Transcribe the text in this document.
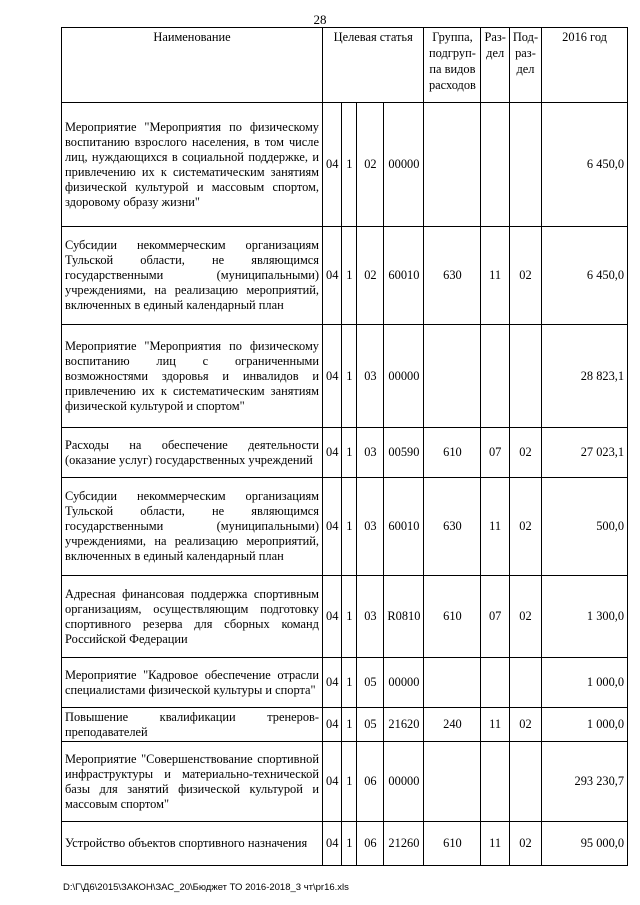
28
Наименование	Целевая статья				Группа, подгруп-па видов расходов	Раз-дел	Под-раз-дел	2016 год
Мероприятие "Мероприятия по физическому воспитанию взрослого населения, в том числе лиц, нуждающихся в социальной поддержке, и привлечению их к систематическим занятиям физической культурой и массовым спортом, здоровому образу жизни"	04	1	02	00000				6 450,0
Субсидии некоммерческим организациям Тульской области, не являющимся государственными (муниципальными) учреждениями, на реализацию мероприятий, включенных в единый календарный план	04	1	02	60010	630	11	02	6 450,0
Мероприятие "Мероприятия по физическому воспитанию лиц с ограниченными возможностями здоровья и инвалидов и привлечению их к систематическим занятиям физической культурой и спортом"	04	1	03	00000				28 823,1
Расходы на обеспечение деятельности (оказание услуг) государственных учреждений	04	1	03	00590	610	07	02	27 023,1
Субсидии некоммерческим организациям Тульской области, не являющимся государственными (муниципальными) учреждениями, на реализацию мероприятий, включенных в единый календарный план	04	1	03	60010	630	11	02	500,0
Адресная финансовая поддержка спортивным организациям, осуществляющим подготовку спортивного резерва для сборных команд Российской Федерации	04	1	03	R0810	610	07	02	1 300,0
Мероприятие "Кадровое обеспечение отрасли специалистами физической культуры и спорта"	04	1	05	00000				1 000,0
Повышение квалификации тренеров-преподавателей	04	1	05	21620	240	11	02	1 000,0
Мероприятие "Совершенствование спортивной инфраструктуры и материально-технической базы для занятий физической культурой и массовым спортом"	04	1	06	00000				293 230,7
Устройство объектов спортивного назначения	04	1	06	21260	610	11	02	95 000,0
D:\Г\Д6\2015\ЗАКОН\ЗАС_20\Бюджет ТО 2016-2018_3 чт\pr16.xls
